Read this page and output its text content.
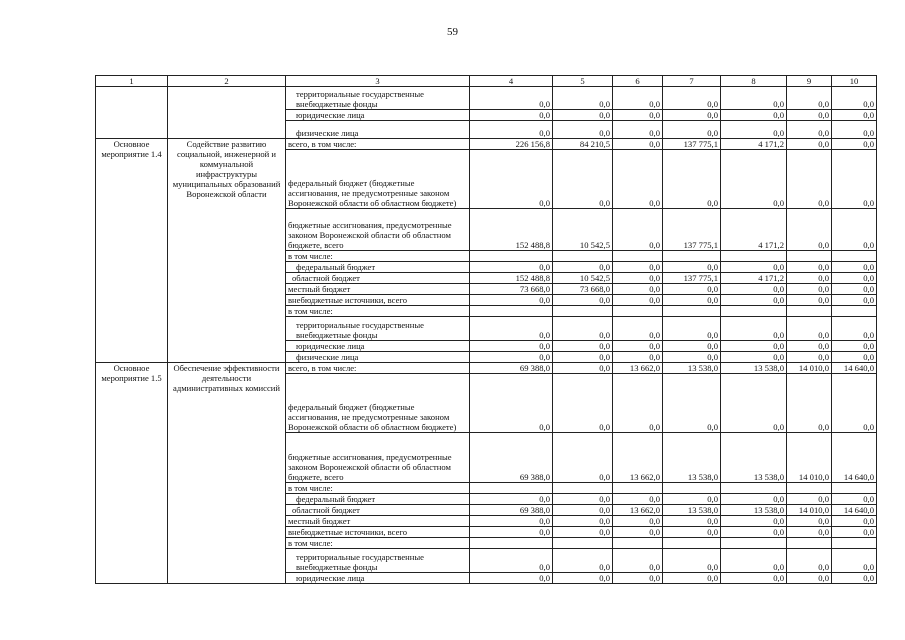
59
1	2	3	4	5	6	7	8	9	10
		территориальные государственные внебюджетные фонды	0,0	0,0	0,0	0,0	0,0	0,0	0,0
		юридические лица	0,0	0,0	0,0	0,0	0,0	0,0	0,0
		физические лица	0,0	0,0	0,0	0,0	0,0	0,0	0,0
Основное мероприятие 1.4	Содействие развитию социальной, инженерной и коммунальной инфраструктуры муниципальных образований Воронежской области	всего, в том числе:	226 156,8	84 210,5	0,0	137 775,1	4 171,2	0,0	0,0
		федеральный бюджет (бюджетные ассигнования, не предусмотренные законом Воронежской области об областном бюджете)	0,0	0,0	0,0	0,0	0,0	0,0	0,0
		бюджетные ассигнования, предусмотренные законом Воронежской области об областном бюджете, всего	152 488,8	10 542,5	0,0	137 775,1	4 171,2	0,0	0,0
		в том числе:							
		федеральный бюджет	0,0	0,0	0,0	0,0	0,0	0,0	0,0
		областной бюджет	152 488,8	10 542,5	0,0	137 775,1	4 171,2	0,0	0,0
		местный бюджет	73 668,0	73 668,0	0,0	0,0	0,0	0,0	0,0
		внебюджетные источники, всего	0,0	0,0	0,0	0,0	0,0	0,0	0,0
		в том числе:							
		территориальные государственные внебюджетные фонды	0,0	0,0	0,0	0,0	0,0	0,0	0,0
		юридические лица	0,0	0,0	0,0	0,0	0,0	0,0	0,0
		физические лица	0,0	0,0	0,0	0,0	0,0	0,0	0,0
Основное мероприятие 1.5	Обеспечение эффективности деятельности административных комиссий	всего, в том числе:	69 388,0	0,0	13 662,0	13 538,0	13 538,0	14 010,0	14 640,0
		федеральный бюджет (бюджетные ассигнования, не предусмотренные законом Воронежской области об областном бюджете)	0,0	0,0	0,0	0,0	0,0	0,0	0,0
		бюджетные ассигнования, предусмотренные законом Воронежской области об областном бюджете, всего	69 388,0	0,0	13 662,0	13 538,0	13 538,0	14 010,0	14 640,0
		в том числе:							
		федеральный бюджет	0,0	0,0	0,0	0,0	0,0	0,0	0,0
		областной бюджет	69 388,0	0,0	13 662,0	13 538,0	13 538,0	14 010,0	14 640,0
		местный бюджет	0,0	0,0	0,0	0,0	0,0	0,0	0,0
		внебюджетные источники, всего	0,0	0,0	0,0	0,0	0,0	0,0	0,0
		в том числе:							
		территориальные государственные внебюджетные фонды	0,0	0,0	0,0	0,0	0,0	0,0	0,0
		юридические лица	0,0	0,0	0,0	0,0	0,0	0,0	0,0
